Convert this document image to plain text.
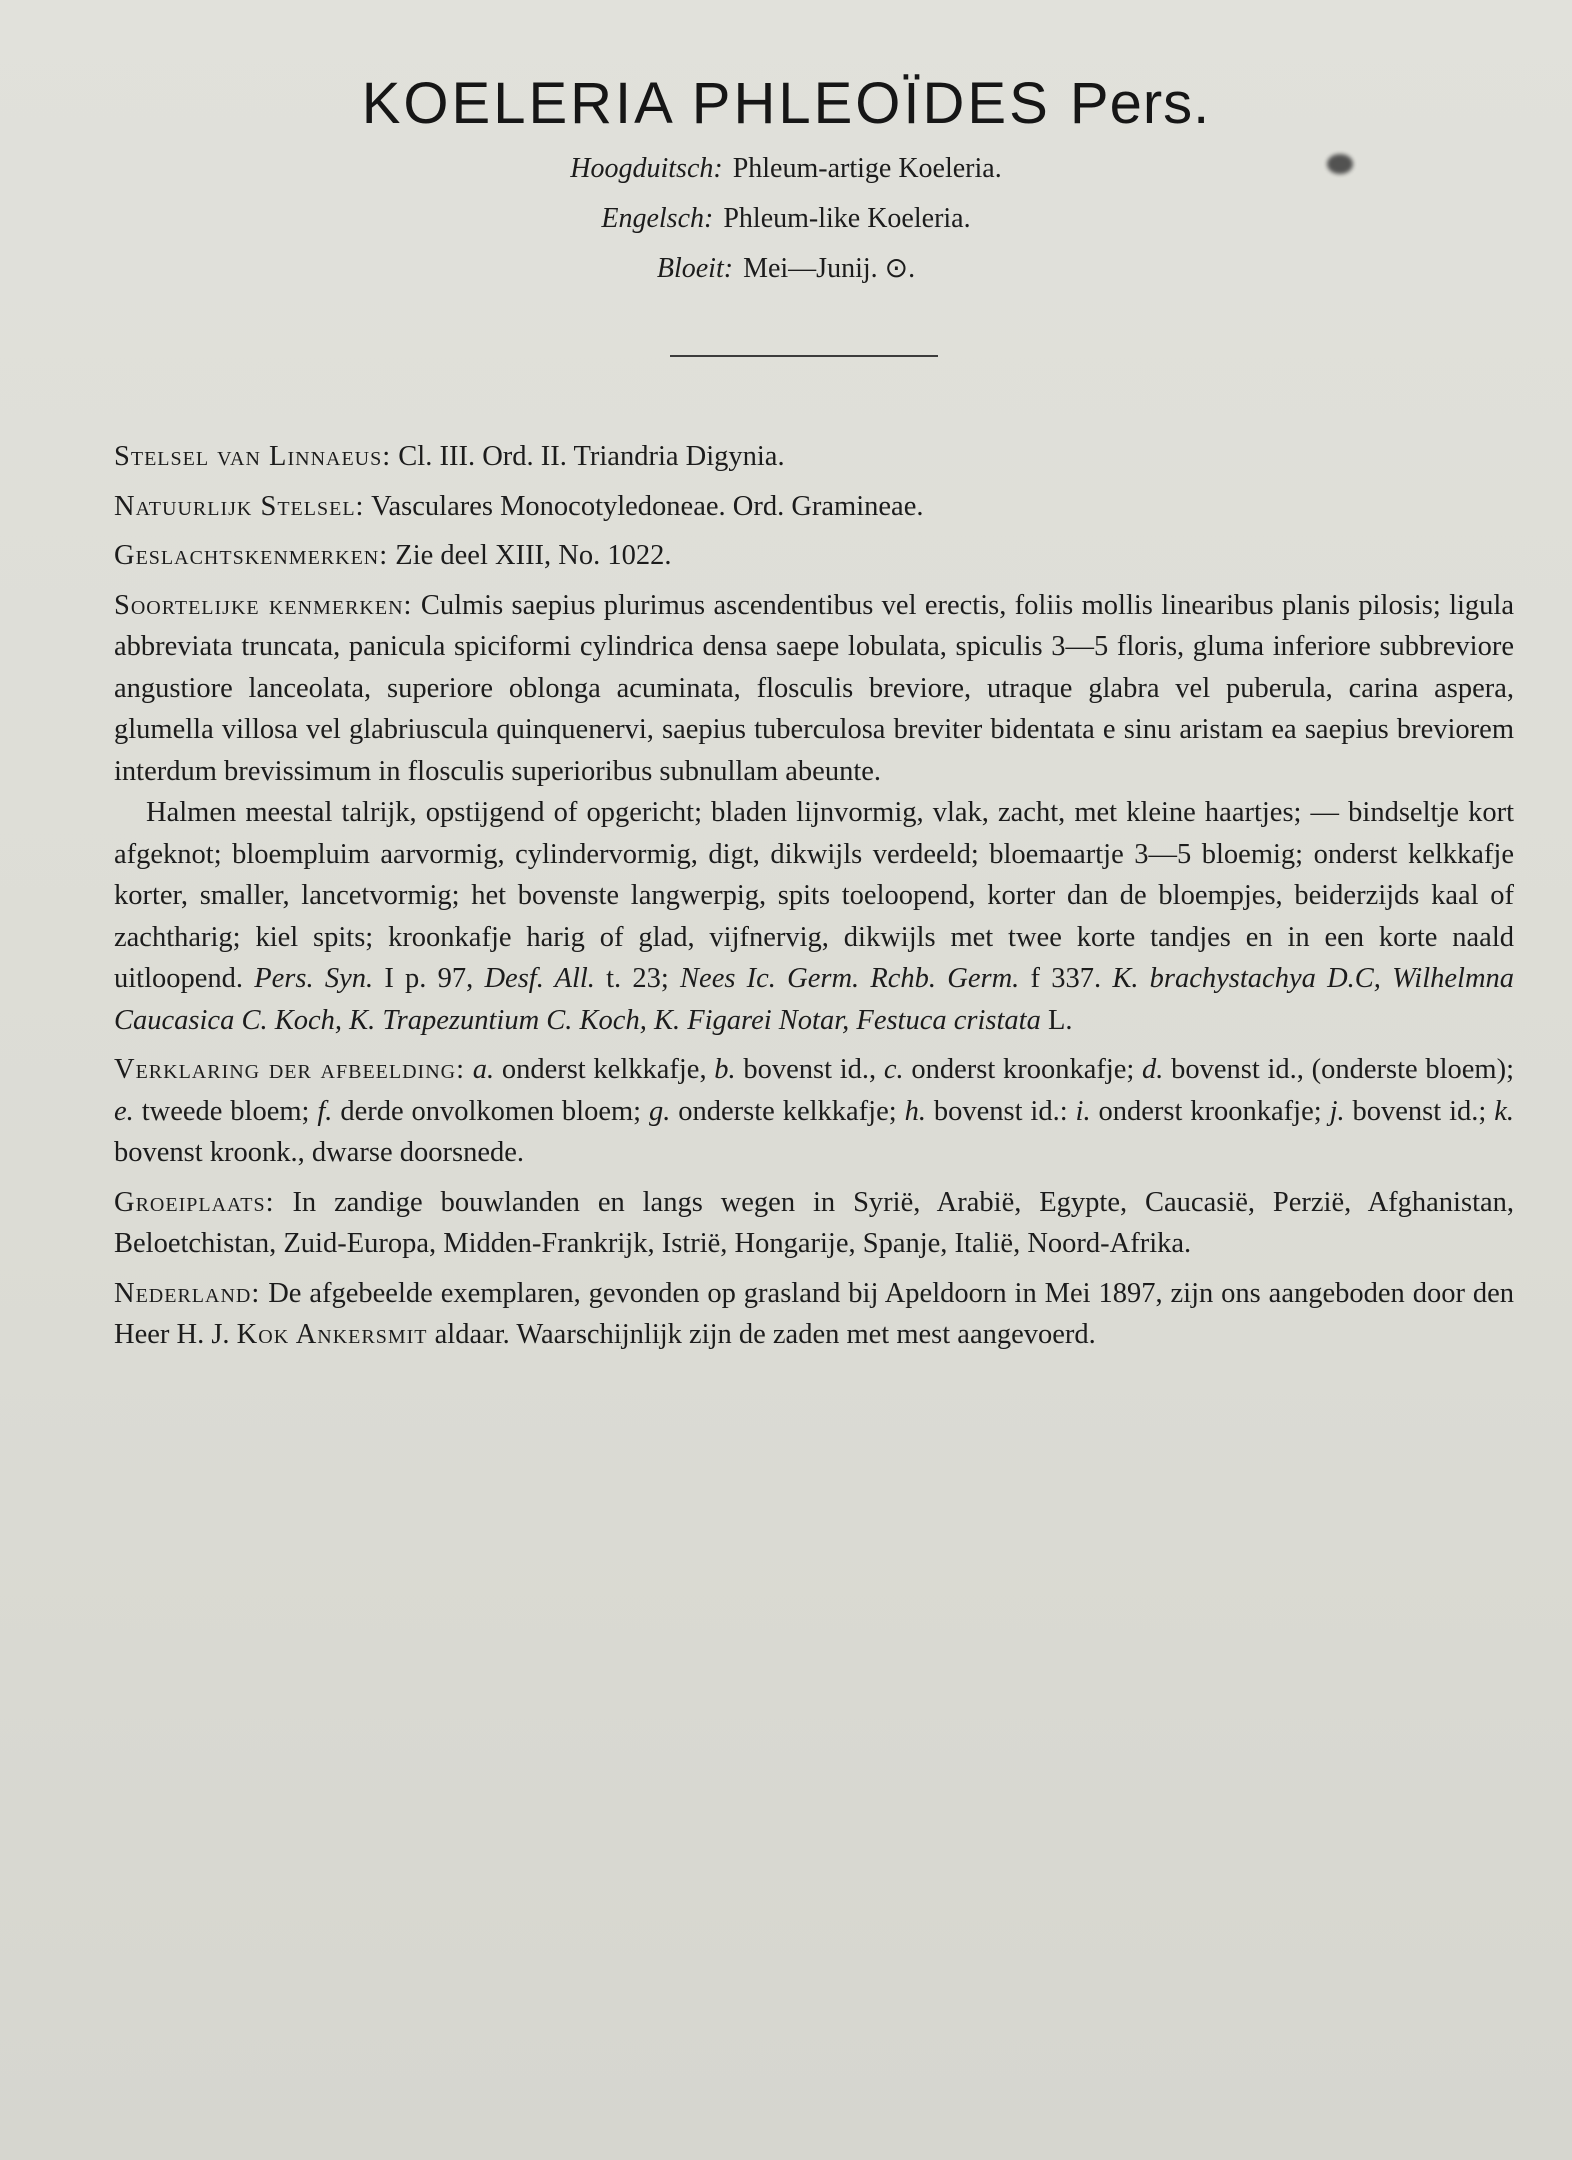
KOELERIA PHLEOÏDES Pers.
Hoogduitsch: Phleum-artige Koeleria.
Engelsch: Phleum-like Koeleria.
Bloeit: Mei—Junij. ⊙.

Stelsel van Linnaeus: Cl. III. Ord. II. Triandria Digynia.

Natuurlijk Stelsel: Vasculares Monocotyledoneae. Ord. Gramineae.

Geslachtskenmerken: Zie deel XIII, No. 1022.

Soortelijke kenmerken: Culmis saepius plurimus ascendentibus vel erectis, foliis mollis linearibus planis pilosis; ligula abbreviata truncata, panicula spiciformi cylindrica densa saepe lobulata, spiculis 3—5 floris, gluma inferiore subbreviore angustiore lanceolata, superiore oblonga acuminata, flosculis breviore, utraque glabra vel puberula, carina aspera, glumella villosa vel glabriuscula quinquenervi, saepius tuberculosa breviter bidentata e sinu aristam ea saepius breviorem interdum brevissimum in flosculis superioribus subnullam abeunte.

Halmen meestal talrijk, opstijgend of opgericht; bladen lijnvormig, vlak, zacht, met kleine haartjes; — bindseltje kort afgeknot; bloempluim aarvormig, cylindervormig, digt, dikwijls verdeeld; bloemaartje 3—5 bloemig; onderst kelkkafje korter, smaller, lancetvormig; het bovenste langwerpig, spits toeloopend, korter dan de bloempjes, beiderzijds kaal of zachtharig; kiel spits; kroonkafje harig of glad, vijfnervig, dikwijls met twee korte tandjes en in een korte naald uitloopend. Pers. Syn. I p. 97, Desf. All. t. 23; Nees Ic. Germ. Rchb. Germ. f 337. K. brachystachya D.C, Wilhelmna Caucasica C. Koch, K. Trapezuntium C. Koch, K. Figarei Notar, Festuca cristata L.

Verklaring der afbeelding: a. onderst kelkkafje, b. bovenst id., c. onderst kroonkafje; d. bovenst id., (onderste bloem); e. tweede bloem; f. derde onvolkomen bloem; g. onderste kelkkafje; h. bovenst id.: i. onderst kroonkafje; j. bovenst id.; k. bovenst kroonk., dwarse doorsnede.

Groeiplaats: In zandige bouwlanden en langs wegen in Syrië, Arabië, Egypte, Caucasië, Perzië, Afghanistan, Beloetchistan, Zuid-Europa, Midden-Frankrijk, Istrië, Hongarije, Spanje, Italië, Noord-Afrika.

Nederland: De afgebeelde exemplaren, gevonden op grasland bij Apeldoorn in Mei 1897, zijn ons aangeboden door den Heer H. J. Kok Ankersmit aldaar. Waarschijnlijk zijn de zaden met mest aangevoerd.
